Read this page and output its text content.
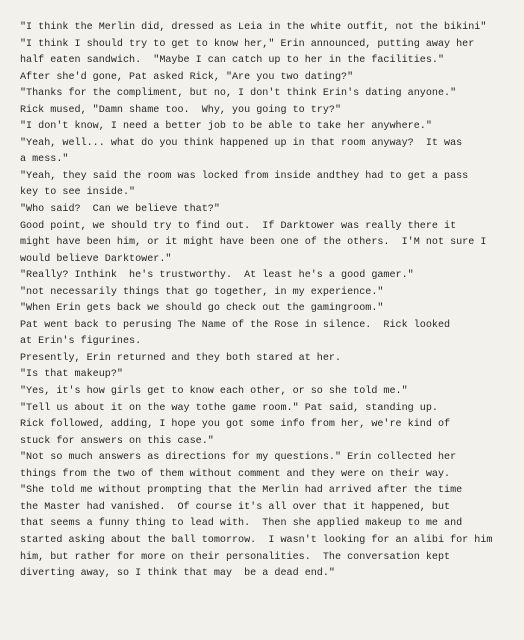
"I think the Merlin did, dressed as Leia in the white outfit, not the bikini"
"I think I should try to get to know her," Erin announced, putting away her
half eaten sandwich.  "Maybe I can catch up to her in the facilities."
After she'd gone, Pat asked Rick, "Are you two dating?"
"Thanks for the compliment, but no, I don't think Erin's dating anyone."
Rick mused, "Damn shame too.  Why, you going to try?"
"I don't know, I need a better job to be able to take her anywhere."
"Yeah, well... what do you think happened up in that room anyway?  It was
a mess."
"Yeah, they said the room was locked from inside andthey had to get a pass
key to see inside."
"Who said?  Can we believe that?"
Good point, we should try to find out.  If Darktower was really there it
might have been him, or it might have been one of the others.  I'M not sure I
would believe Darktower."
"Really? Inthink  he's trustworthy.  At least he's a good gamer."
"not necessarily things that go together, in my experience."
"When Erin gets back we should go check out the gamingroom."
Pat went back to perusing The Name of the Rose in silence.  Rick looked
at Erin's figurines.
Presently, Erin returned and they both stared at her.
"Is that makeup?"
"Yes, it's how girls get to know each other, or so she told me."
"Tell us about it on the way tothe game room." Pat said, standing up.
Rick followed, adding, I hope you got some info from her, we're kind of
stuck for answers on this case."
"Not so much answers as directions for my questions." Erin collected her
things from the two of them without comment and they were on their way.
"She told me without prompting that the Merlin had arrived after the time
the Master had vanished.  Of course it's all over that it happened, but
that seems a funny thing to lead with.  Then she applied makeup to me and
started asking about the ball tomorrow.  I wasn't looking for an alibi for him
him, but rather for more on their personalities.  The conversation kept
diverting away, so I think that may  be a dead end."
